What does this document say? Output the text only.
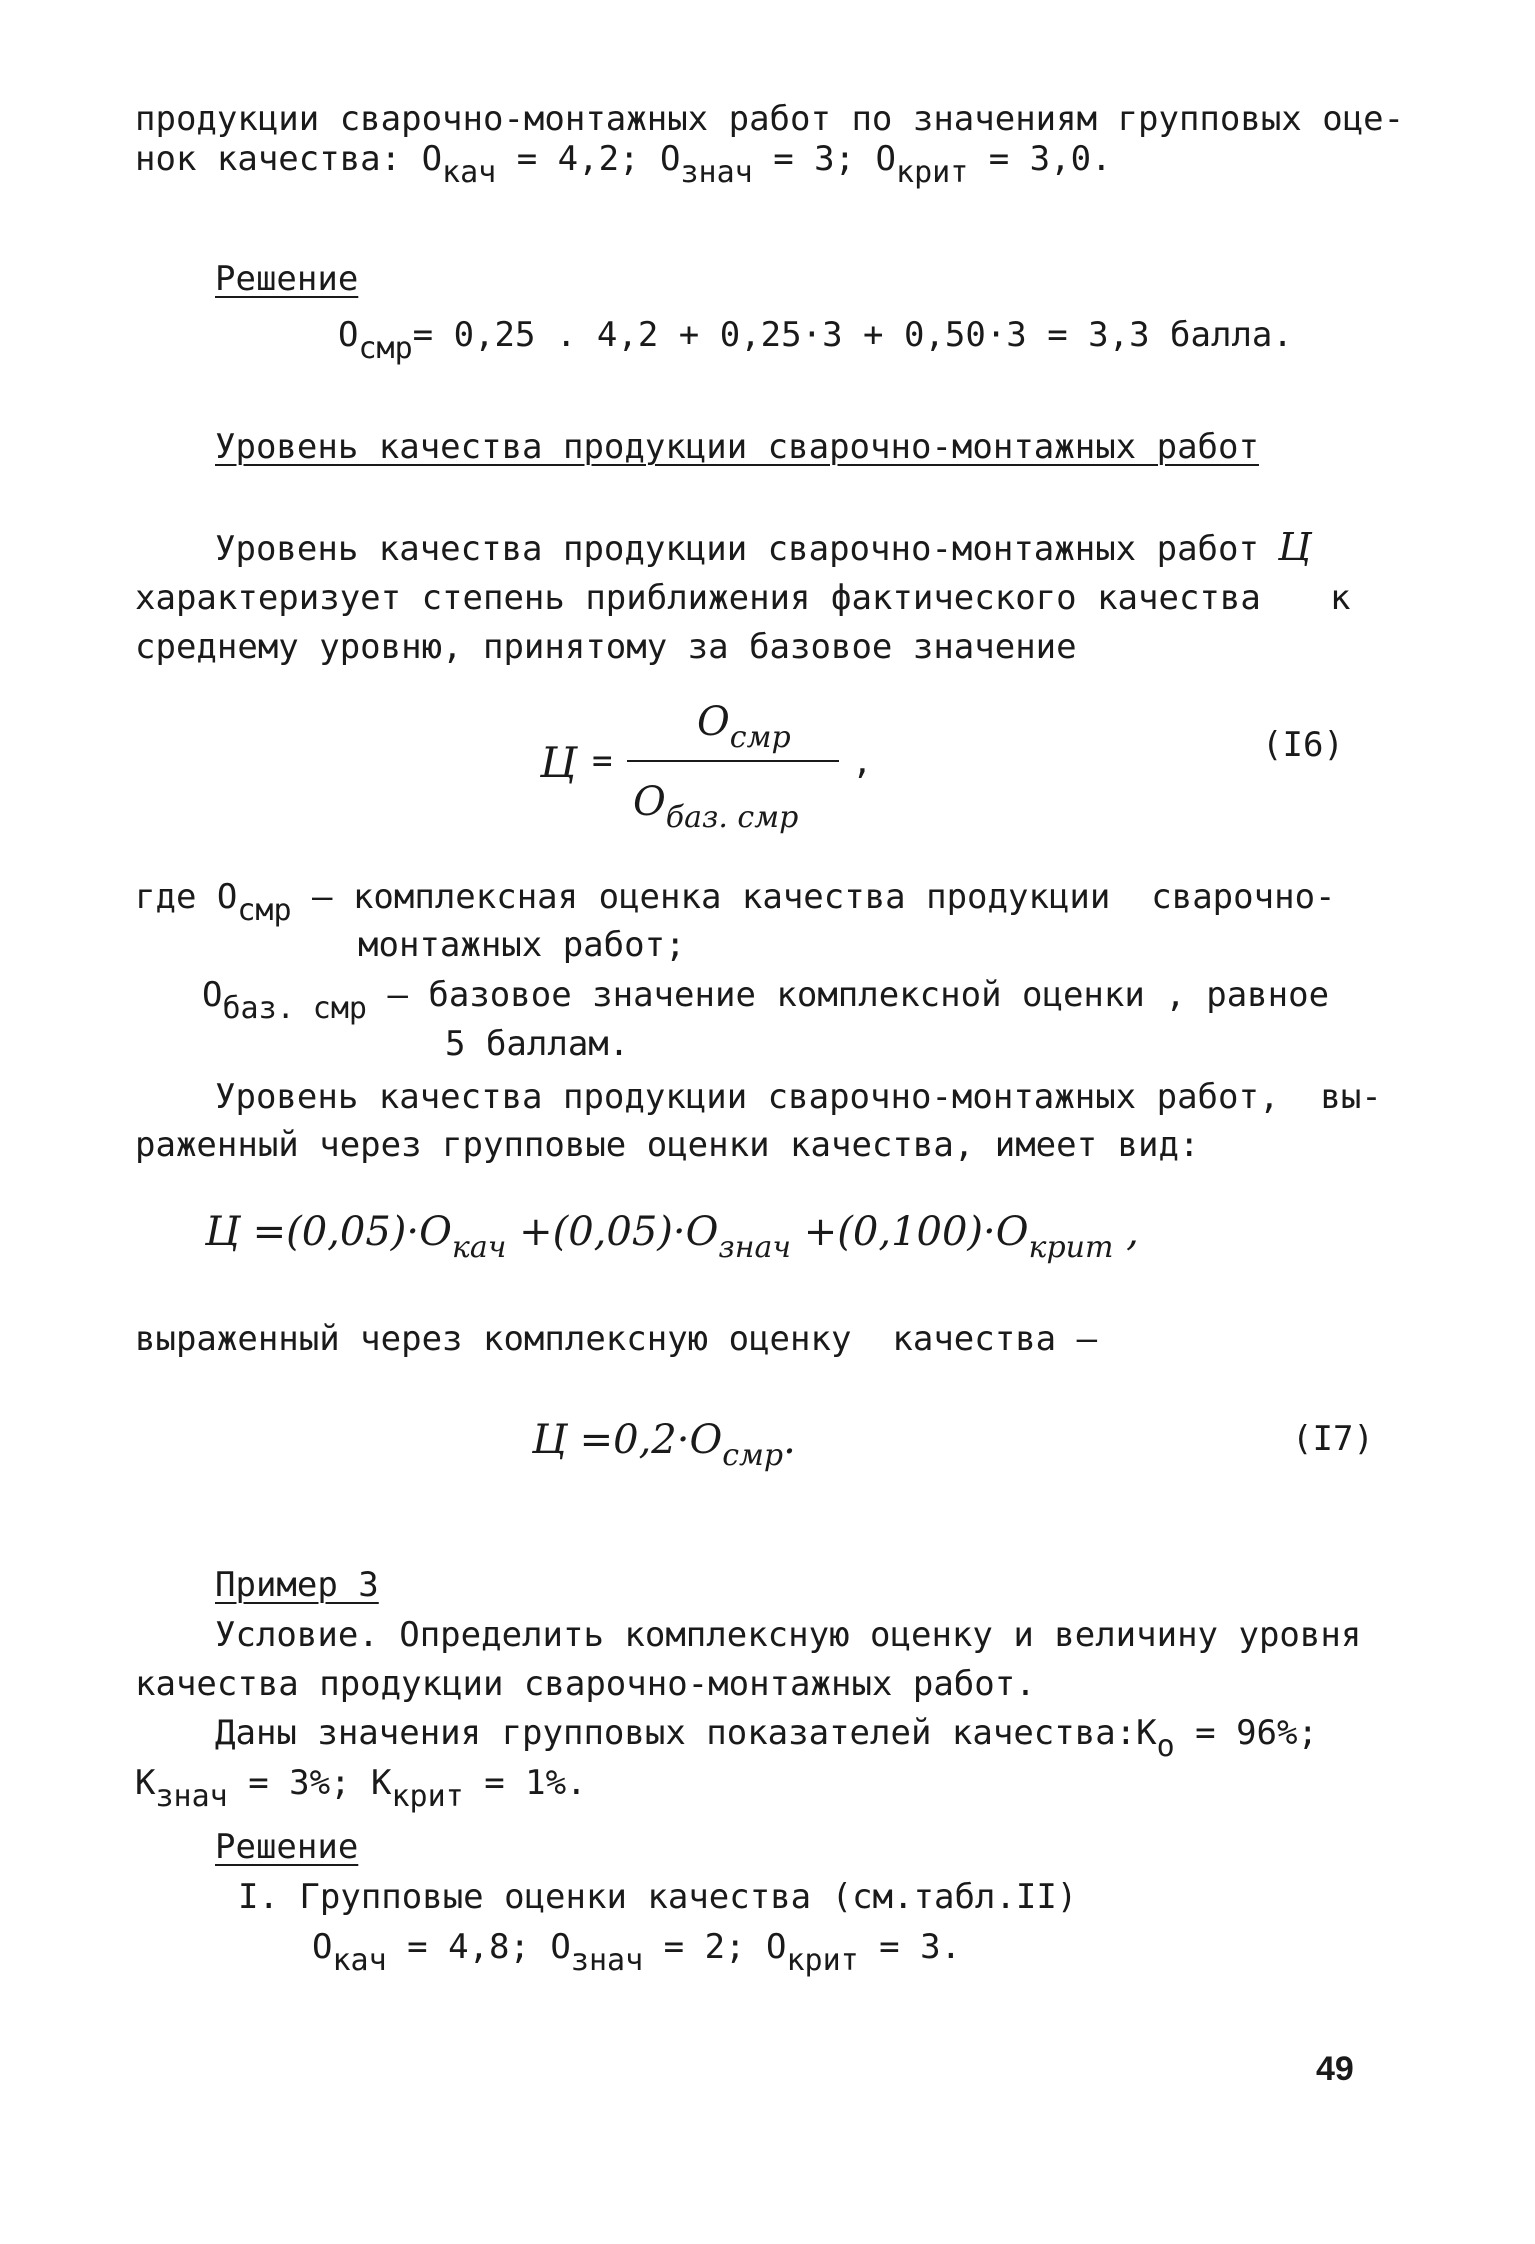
продукции сварочно-монтажных работ по значениям групповых оце-
нок качества: Окач = 4,2; Означ = 3; Окрит = 3,0.
Решение
Осмр= 0,25 . 4,2 + 0,25·3 + 0,50·3 = 3,3 балла.
Уровень качества продукции сварочно-монтажных работ
Уровень качества продукции сварочно-монтажных работ Ц
характеризует степень приближения фактического качества к
среднему уровню, принятому за базовое значение
Ц =
$О_{смр}$
$О_{баз. смр}$
,	(I6)
где Осмр – комплексная оценка качества продукции  сварочно-
монтажных работ;
Обаз. смр – базовое значение комплексной оценки , равное
5 баллам.
Уровень качества продукции сварочно-монтажных работ,  вы-
раженный через групповые оценки качества, имеет вид:
$Ц =(0,05)\cdot О_{кач} +(0,05)\cdot О_{знач} +(0,100)\cdot О_{крит}$ ,
выраженный через комплексную оценку  качества –
$Ц =0,2\cdot О_{смр}$.	(I7)
Пример 3
Условие. Определить комплексную оценку и величину уровня
качества продукции сварочно-монтажных работ.
Даны значения групповых показателей качества:Ко = 96%;
Кзнач = 3%; Ккрит = 1%.
Решение
I. Групповые оценки качества (см.табл.II)
Окач = 4,8; Означ = 2; Окрит = 3.
49
